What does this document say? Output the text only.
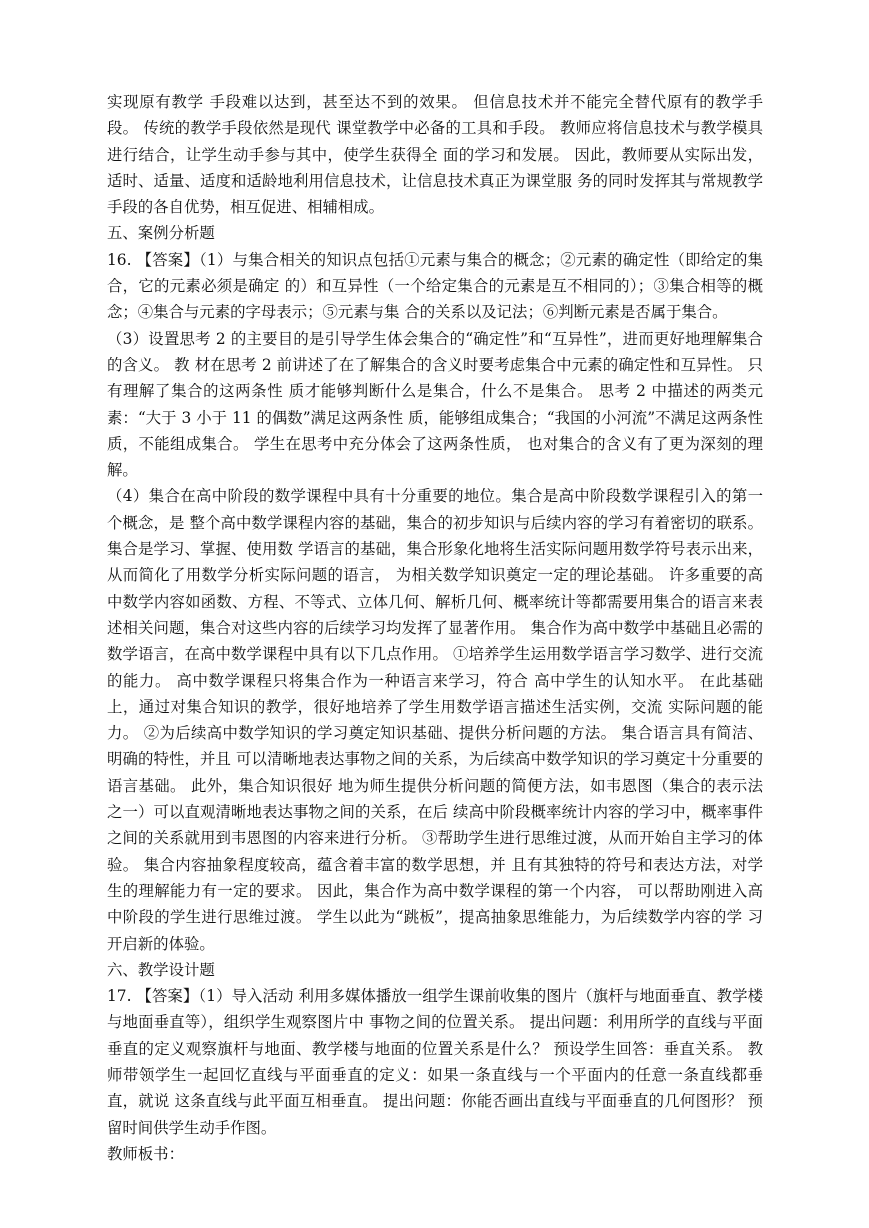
实现原有教学 手段难以达到，甚至达不到的效果。 但信息技术并不能完全替代原有的教学手段。 传统的教学手段依然是现代 课堂教学中必备的工具和手段。 教师应将信息技术与教学模具进行结合，让学生动手参与其中，使学生获得全 面的学习和发展。 因此，教师要从实际出发，适时、适量、适度和适龄地利用信息技术，让信息技术真正为课堂服 务的同时发挥其与常规教学手段的各自优势，相互促进、相辅相成。

五、案例分析题

16. 【答案】（1）与集合相关的知识点包括①元素与集合的概念；②元素的确定性（即给定的集合，它的元素必须是确定 的）和互异性（一个给定集合的元素是互不相同的）；③集合相等的概念；④集合与元素的字母表示；⑤元素与集 合的关系以及记法；⑥判断元素是否属于集合。

（3）设置思考 2 的主要目的是引导学生体会集合的“确定性”和“互异性”，进而更好地理解集合的含义。 教 材在思考 2 前讲述了在了解集合的含义时要考虑集合中元素的确定性和互异性。 只有理解了集合的这两条性 质才能够判断什么是集合，什么不是集合。 思考 2 中描述的两类元素：“大于 3 小于 11 的偶数”满足这两条性 质，能够组成集合；“我国的小河流”不满足这两条性质，不能组成集合。 学生在思考中充分体会了这两条性质， 也对集合的含义有了更为深刻的理解。

（4）集合在高中阶段的数学课程中具有十分重要的地位。集合是高中阶段数学课程引入的第一个概念，是 整个高中数学课程内容的基础，集合的初步知识与后续内容的学习有着密切的联系。 集合是学习、掌握、使用数 学语言的基础，集合形象化地将生活实际问题用数学符号表示出来，从而简化了用数学分析实际问题的语言， 为相关数学知识奠定一定的理论基础。 许多重要的高中数学内容如函数、方程、不等式、立体几何、解析几何、概率统计等都需要用集合的语言来表述相关问题，集合对这些内容的后续学习均发挥了显著作用。 集合作为高中数学中基础且必需的数学语言，在高中数学课程中具有以下几点作用。 ①培养学生运用数学语言学习数学、进行交流的能力。 高中数学课程只将集合作为一种语言来学习，符合 高中学生的认知水平。 在此基础上，通过对集合知识的教学，很好地培养了学生用数学语言描述生活实例，交流 实际问题的能力。 ②为后续高中数学知识的学习奠定知识基础、提供分析问题的方法。 集合语言具有简洁、明确的特性，并且 可以清晰地表达事物之间的关系，为后续高中数学知识的学习奠定十分重要的语言基础。 此外，集合知识很好 地为师生提供分析问题的简便方法，如韦恩图（集合的表示法之一）可以直观清晰地表达事物之间的关系，在后 续高中阶段概率统计内容的学习中，概率事件之间的关系就用到韦恩图的内容来进行分析。 ③帮助学生进行思维过渡，从而开始自主学习的体验。 集合内容抽象程度较高，蕴含着丰富的数学思想，并 且有其独特的符号和表达方法，对学生的理解能力有一定的要求。 因此，集合作为高中数学课程的第一个内容， 可以帮助刚进入高中阶段的学生进行思维过渡。 学生以此为“跳板”，提高抽象思维能力，为后续数学内容的学 习开启新的体验。

六、教学设计题

17. 【答案】（1）导入活动 利用多媒体播放一组学生课前收集的图片（旗杆与地面垂直、教学楼与地面垂直等），组织学生观察图片中 事物之间的位置关系。 提出问题：利用所学的直线与平面垂直的定义观察旗杆与地面、教学楼与地面的位置关系是什么？ 预设学生回答：垂直关系。 教师带领学生一起回忆直线与平面垂直的定义：如果一条直线与一个平面内的任意一条直线都垂直，就说 这条直线与此平面互相垂直。 提出问题：你能否画出直线与平面垂直的几何图形？ 预留时间供学生动手作图。

教师板书：
